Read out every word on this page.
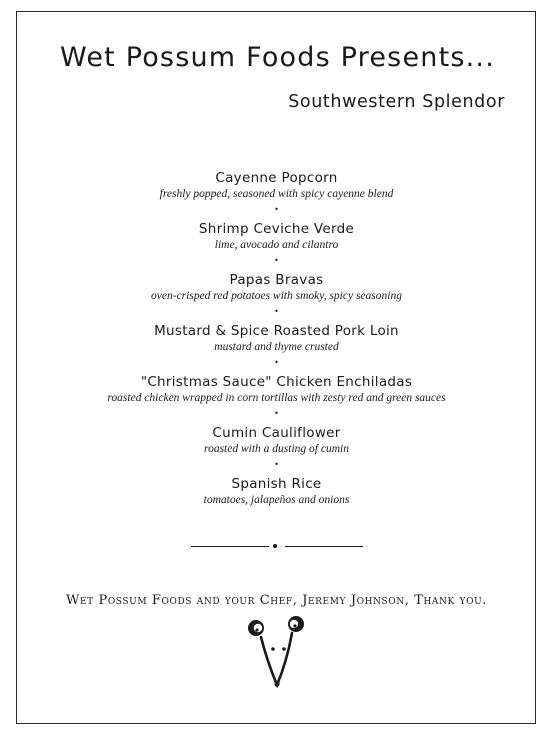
Wet Possum Foods Presents...
Southwestern Splendor
Cayenne Popcorn
freshly popped, seasoned with spicy cayenne blend
•
Shrimp Ceviche Verde
lime, avocado and cilantro
•
Papas Bravas
oven-crisped red potatoes with smoky, spicy seasoning
•
Mustard & Spice Roasted Pork Loin
mustard and thyme crusted
•
"Christmas Sauce" Chicken Enchiladas
roasted chicken wrapped in corn tortillas with zesty red and green sauces
•
Cumin Cauliflower
roasted with a dusting of cumin
•
Spanish Rice
tomatoes, jalapeños and onions
Wet Possum Foods and your Chef, Jeremy Johnson, Thank you.
